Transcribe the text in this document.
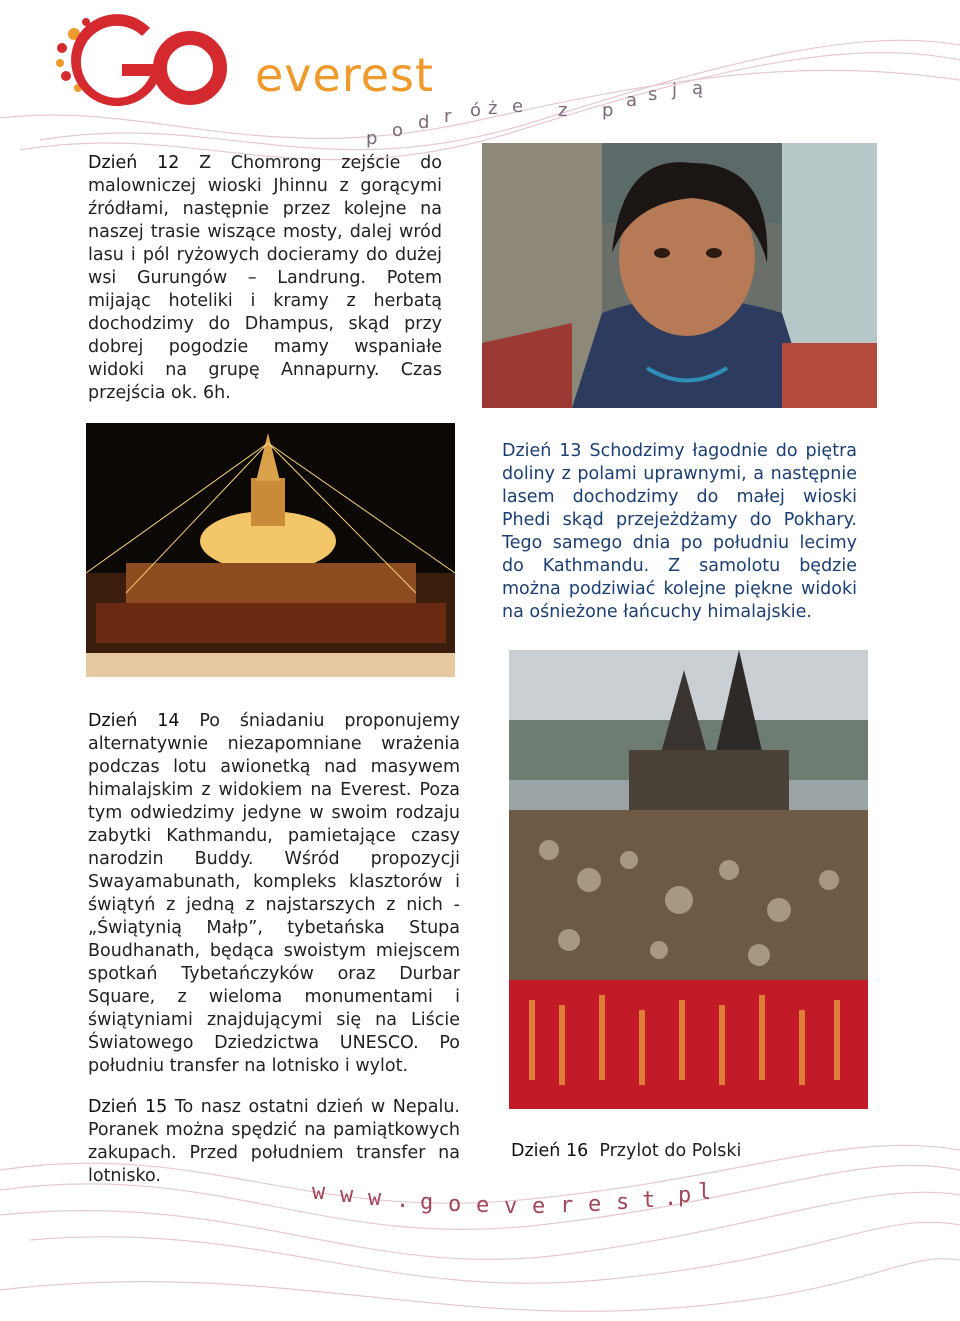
everest
p o d r ó ż e z p a s j ą
Dzień 12 Z Chomrong zejście do malowniczej wioski Jhinnu z gorącymi źródłami, następnie przez kolejne na naszej trasie wiszące mosty, dalej wród lasu i pól ryżowych docieramy do dużej wsi Gurungów – Landrung. Potem mijając hoteliki i kramy z herbatą dochodzimy do Dhampus, skąd przy dobrej pogodzie mamy wspaniałe widoki na grupę Annapurny. Czas przejścia ok. 6h.
Dzień 13 Schodzimy łagodnie do piętra doliny z polami uprawnymi, a następnie lasem dochodzimy do małej wioski Phedi skąd przejeżdżamy do Pokhary. Tego samego dnia po południu lecimy do Kathmandu. Z samolotu będzie można podziwiać kolejne piękne widoki na ośnieżone łańcuchy himalajskie.
Dzień 14 Po śniadaniu proponujemy alternatywnie niezapomniane wrażenia podczas lotu awionetką nad masywem himalajskim z widokiem na Everest. Poza tym odwiedzimy jedyne w swoim rodzaju zabytki Kathmandu, pamietające czasy narodzin Buddy. Wśród propozycji Swayamabunath, kompleks klasztorów i świątyń z jedną z najstarszych z nich - „Świątynią Małp”, tybetańska Stupa Boudhanath, będąca swoistym miejscem spotkań Tybetańczyków oraz Durbar Square, z wieloma monumentami i świątyniami znajdującymi się na Liście Światowego Dziedzictwa UNESCO. Po południu transfer na lotnisko i wylot.
Dzień 15 To nasz ostatni dzień w Nepalu. Poranek można spędzić na pamiątkowych zakupach. Przed południem transfer na lotnisko.
Dzień 16 Przylot do Polski
w w w . g o e v e r e s t . p l
